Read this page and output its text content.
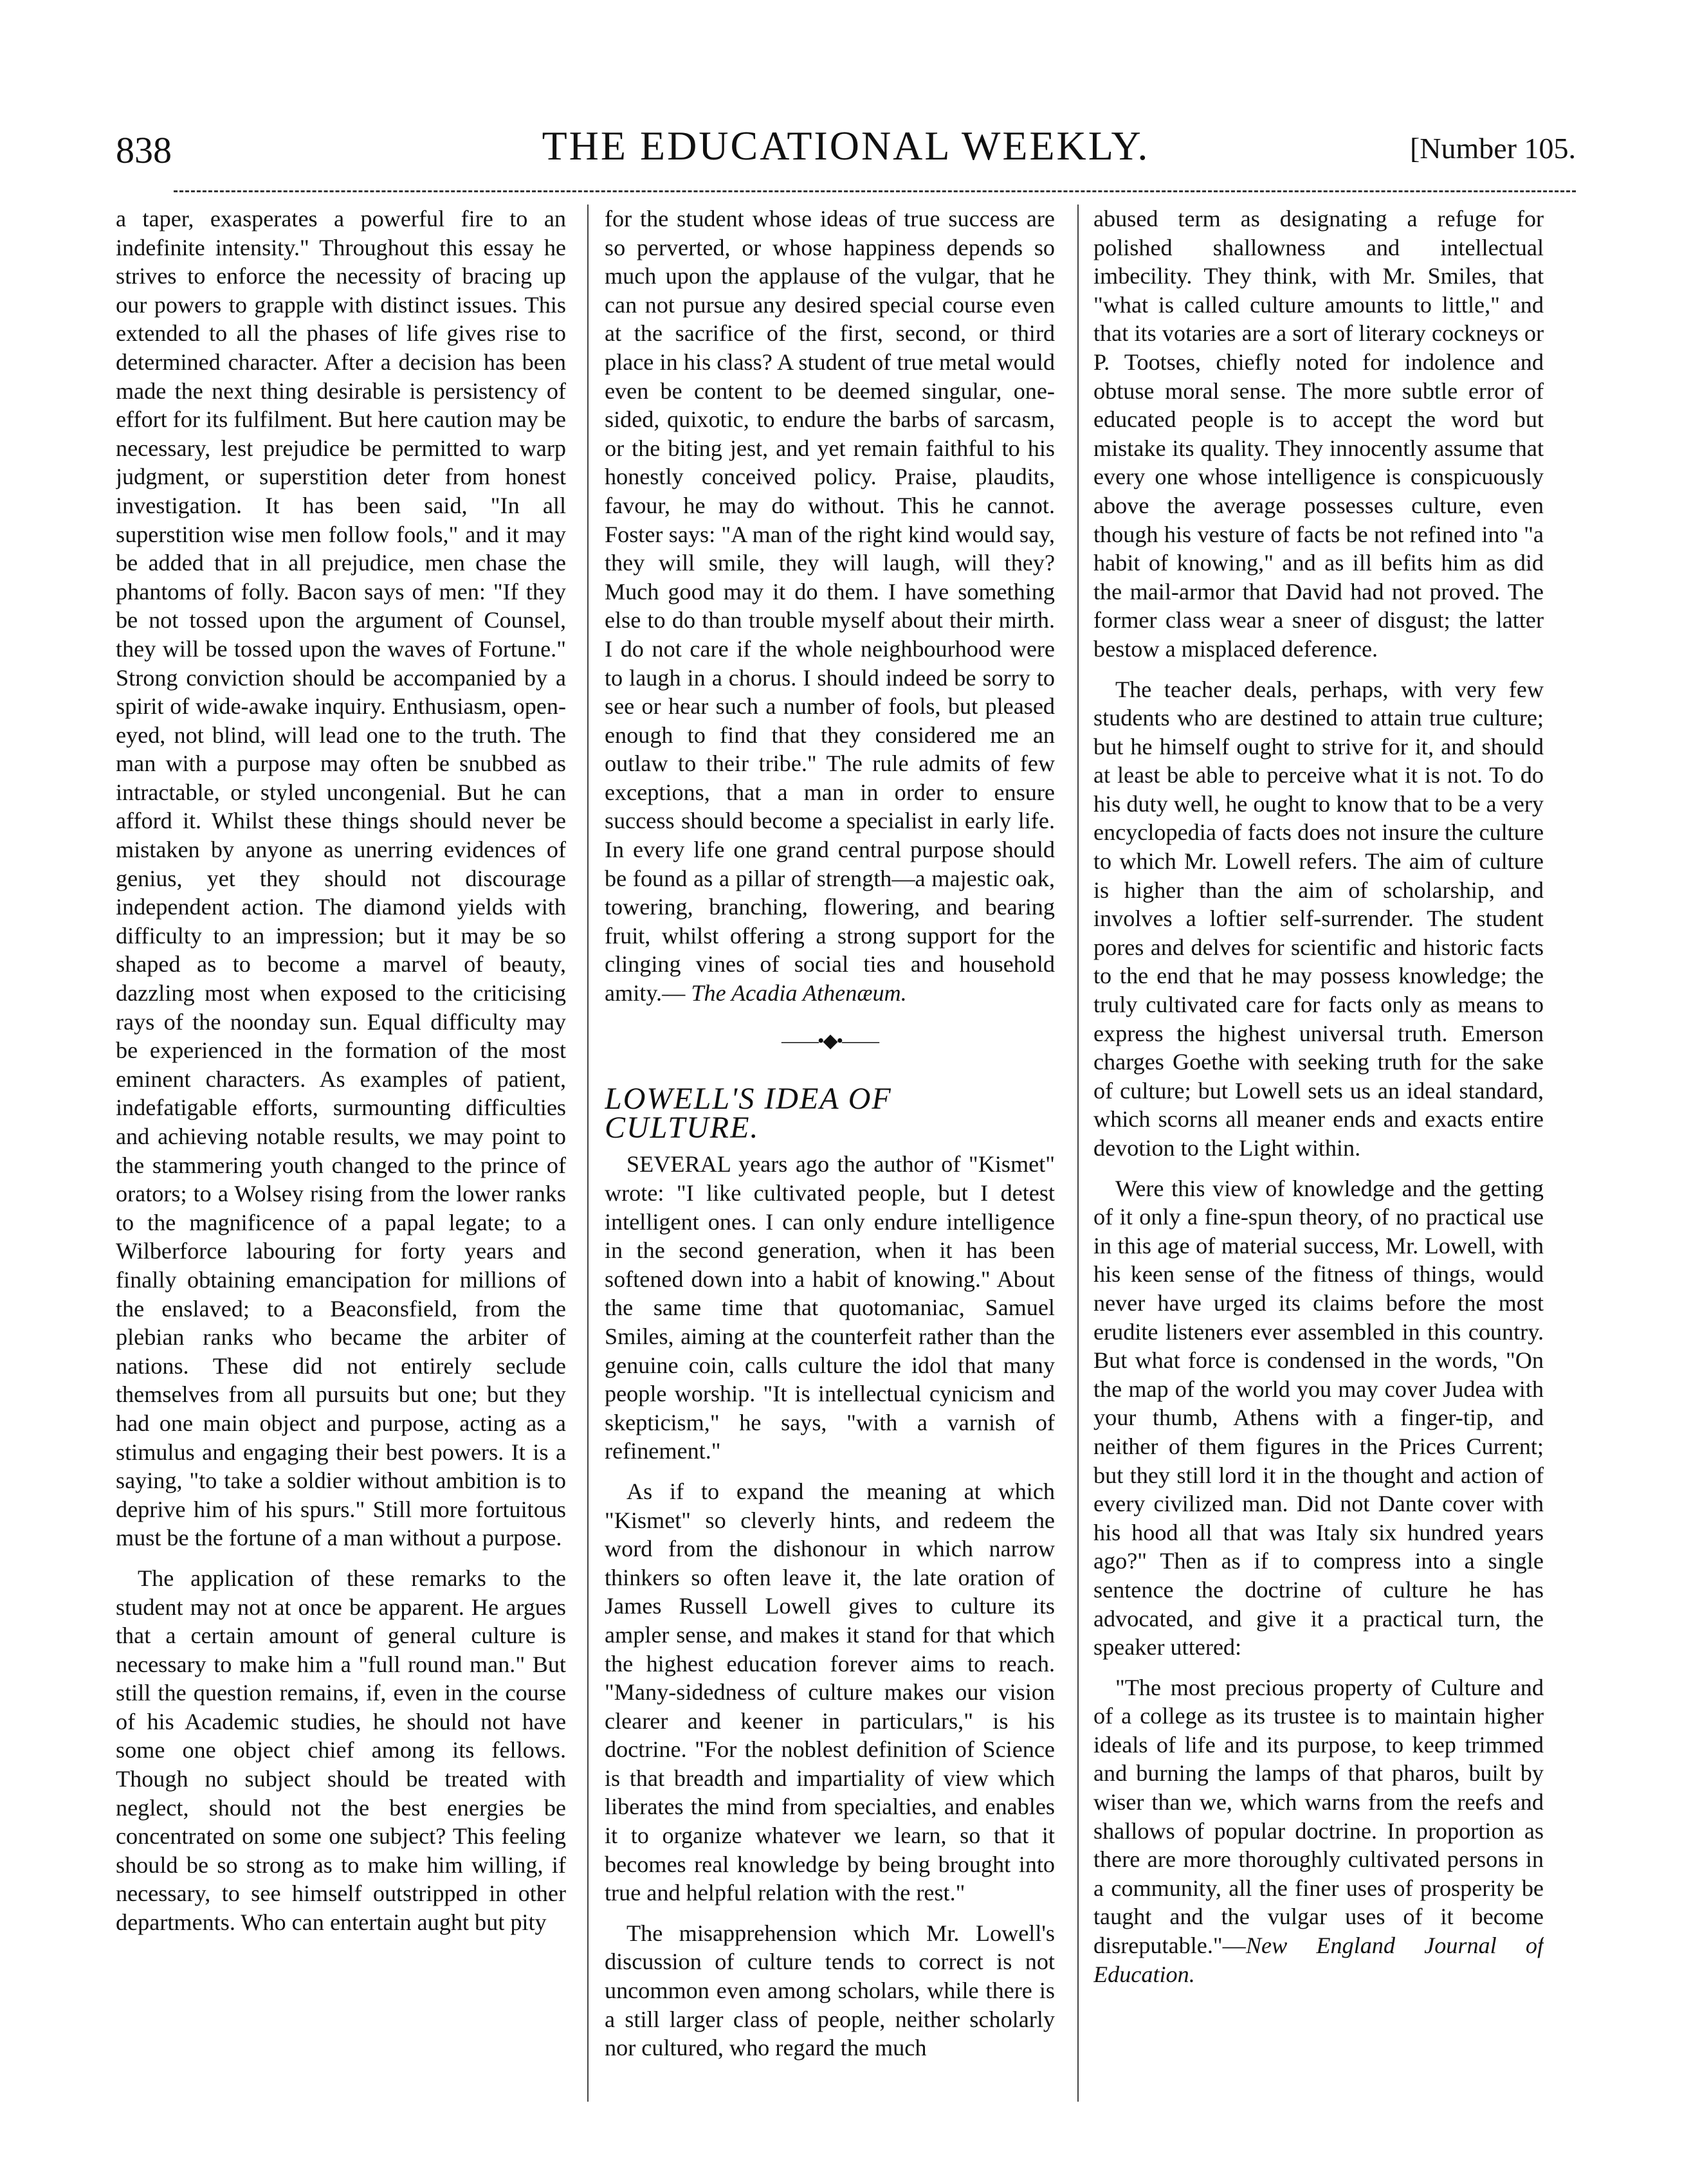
838	THE EDUCATIONAL WEEKLY.	[Number 105.

a taper, exasperates a powerful fire to an indefinite intensity." Throughout this essay he strives to enforce the necessity of bracing up our powers to grapple with distinct issues. This extended to all the phases of life gives rise to determined character. After a decision has been made the next thing desirable is persistency of effort for its fulfilment. But here caution may be necessary, lest prejudice be permitted to warp judgment, or superstition deter from honest investigation. It has been said, "In all superstition wise men follow fools," and it may be added that in all prejudice, men chase the phantoms of folly. Bacon says of men: "If they be not tossed upon the argument of Counsel, they will be tossed upon the waves of Fortune." Strong conviction should be accompanied by a spirit of wide-awake inquiry. Enthusiasm, open-eyed, not blind, will lead one to the truth. The man with a purpose may often be snubbed as intractable, or styled uncongenial. But he can afford it. Whilst these things should never be mistaken by anyone as unerring evidences of genius, yet they should not discourage independent action. The diamond yields with difficulty to an impression; but it may be so shaped as to become a marvel of beauty, dazzling most when exposed to the criticising rays of the noonday sun. Equal difficulty may be experienced in the formation of the most eminent characters. As examples of patient, indefatigable efforts, surmounting difficulties and achieving notable results, we may point to the stammering youth changed to the prince of orators; to a Wolsey rising from the lower ranks to the magnificence of a papal legate; to a Wilberforce labouring for forty years and finally obtaining emancipation for millions of the enslaved; to a Beaconsfield, from the plebian ranks who became the arbiter of nations. These did not entirely seclude themselves from all pursuits but one; but they had one main object and purpose, acting as a stimulus and engaging their best powers. It is a saying, "to take a soldier without ambition is to deprive him of his spurs." Still more fortuitous must be the fortune of a man without a purpose.

The application of these remarks to the student may not at once be apparent. He argues that a certain amount of general culture is necessary to make him a "full round man." But still the question remains, if, even in the course of his Academic studies, he should not have some one object chief among its fellows. Though no subject should be treated with neglect, should not the best energies be concentrated on some one subject? This feeling should be so strong as to make him willing, if necessary, to see himself outstripped in other departments. Who can entertain aught but pity

for the student whose ideas of true success are so perverted, or whose happiness depends so much upon the applause of the vulgar, that he can not pursue any desired special course even at the sacrifice of the first, second, or third place in his class? A student of true metal would even be content to be deemed singular, one-sided, quixotic, to endure the barbs of sarcasm, or the biting jest, and yet remain faithful to his honestly conceived policy. Praise, plaudits, favour, he may do without. This he cannot. Foster says: "A man of the right kind would say, they will smile, they will laugh, will they? Much good may it do them. I have something else to do than trouble myself about their mirth. I do not care if the whole neighbourhood were to laugh in a chorus. I should indeed be sorry to see or hear such a number of fools, but pleased enough to find that they considered me an outlaw to their tribe." The rule admits of few exceptions, that a man in order to ensure success should become a specialist in early life. In every life one grand central purpose should be found as a pillar of strength—a majestic oak, towering, branching, flowering, and bearing fruit, whilst offering a strong support for the clinging vines of social ties and household amity.— The Acadia Athenæum.

——•◆•——
LOWELL'S IDEA OF CULTURE.

SEVERAL years ago the author of "Kismet" wrote: "I like cultivated people, but I detest intelligent ones. I can only endure intelligence in the second generation, when it has been softened down into a habit of knowing." About the same time that quotomaniac, Samuel Smiles, aiming at the counterfeit rather than the genuine coin, calls culture the idol that many people worship. "It is intellectual cynicism and skepticism," he says, "with a varnish of refinement."

As if to expand the meaning at which "Kismet" so cleverly hints, and redeem the word from the dishonour in which narrow thinkers so often leave it, the late oration of James Russell Lowell gives to culture its ampler sense, and makes it stand for that which the highest education forever aims to reach. "Many-sidedness of culture makes our vision clearer and keener in particulars," is his doctrine. "For the noblest definition of Science is that breadth and impartiality of view which liberates the mind from specialties, and enables it to organize whatever we learn, so that it becomes real knowledge by being brought into true and helpful relation with the rest."

The misapprehension which Mr. Lowell's discussion of culture tends to correct is not uncommon even among scholars, while there is a still larger class of people, neither scholarly nor cultured, who regard the much

abused term as designating a refuge for polished shallowness and intellectual imbecility. They think, with Mr. Smiles, that "what is called culture amounts to little," and that its votaries are a sort of literary cockneys or P. Tootses, chiefly noted for indolence and obtuse moral sense. The more subtle error of educated people is to accept the word but mistake its quality. They innocently assume that every one whose intelligence is conspicuously above the average possesses culture, even though his vesture of facts be not refined into "a habit of knowing," and as ill befits him as did the mail-armor that David had not proved. The former class wear a sneer of disgust; the latter bestow a misplaced deference.

The teacher deals, perhaps, with very few students who are destined to attain true culture; but he himself ought to strive for it, and should at least be able to perceive what it is not. To do his duty well, he ought to know that to be a very encyclopedia of facts does not insure the culture to which Mr. Lowell refers. The aim of culture is higher than the aim of scholarship, and involves a loftier self-surrender. The student pores and delves for scientific and historic facts to the end that he may possess knowledge; the truly cultivated care for facts only as means to express the highest universal truth. Emerson charges Goethe with seeking truth for the sake of culture; but Lowell sets us an ideal standard, which scorns all meaner ends and exacts entire devotion to the Light within.

Were this view of knowledge and the getting of it only a fine-spun theory, of no practical use in this age of material success, Mr. Lowell, with his keen sense of the fitness of things, would never have urged its claims before the most erudite listeners ever assembled in this country. But what force is condensed in the words, "On the map of the world you may cover Judea with your thumb, Athens with a finger-tip, and neither of them figures in the Prices Current; but they still lord it in the thought and action of every civilized man. Did not Dante cover with his hood all that was Italy six hundred years ago?" Then as if to compress into a single sentence the doctrine of culture he has advocated, and give it a practical turn, the speaker uttered:

"The most precious property of Culture and of a college as its trustee is to maintain higher ideals of life and its purpose, to keep trimmed and burning the lamps of that pharos, built by wiser than we, which warns from the reefs and shallows of popular doctrine. In proportion as there are more thoroughly cultivated persons in a community, all the finer uses of prosperity be taught and the vulgar uses of it become disreputable."—New England Journal of Education.
